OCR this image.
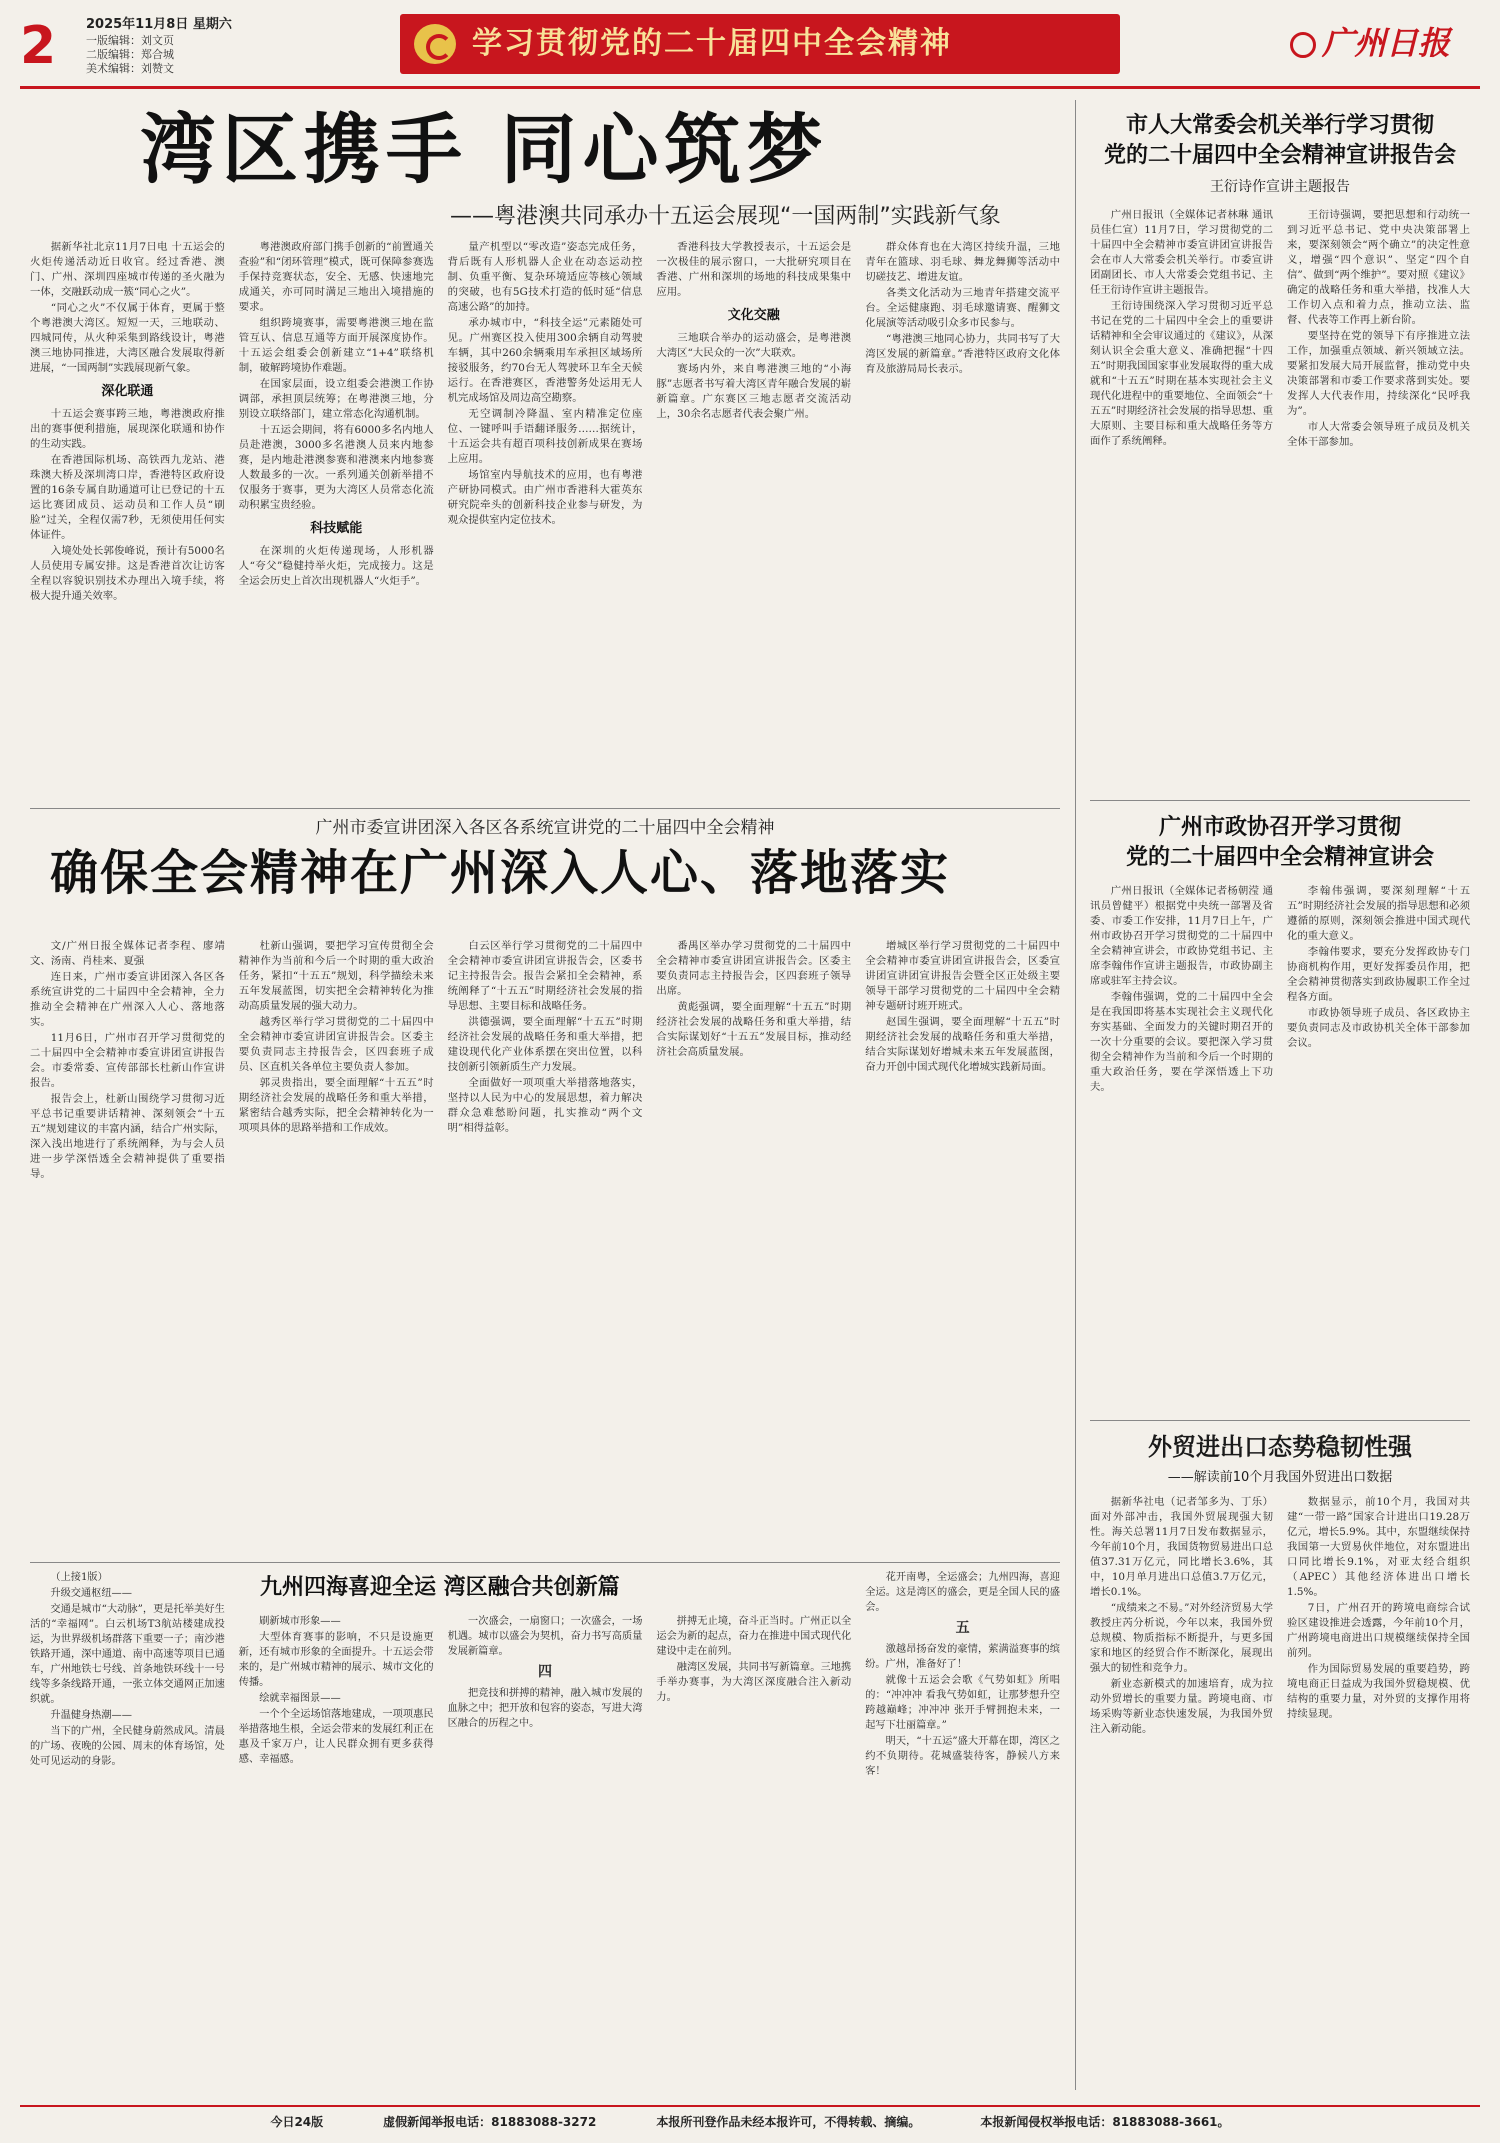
2 2025年11月8日 星期六
一版编辑：刘文页
二版编辑：郑合城
美术编辑：刘赞文
学习贯彻党的二十届四中全会精神	广州日报
湾区携手 同心筑梦
——粤港澳共同承办十五运会展现“一国两制”实践新气象

据新华社北京11月7日电 十五运会的火炬传递活动近日收官。经过香港、澳门、广州、深圳四座城市传递的圣火融为一体，交融跃动成一簇“同心之火”。

“同心之火”不仅属于体育，更属于整个粤港澳大湾区。短短一天，三地联动、四城同传，从火种采集到路线设计，粤港澳三地协同推进，大湾区融合发展取得新进展，“一国两制”实践展现新气象。

深化联通

十五运会赛事跨三地，粤港澳政府推出的赛事便利措施，展现深化联通和协作的生动实践。

在香港国际机场、高铁西九龙站、港珠澳大桥及深圳湾口岸，香港特区政府设置的16条专属自助通道可让已登记的十五运比赛团成员、运动员和工作人员“刷脸”过关，全程仅需7秒，无须使用任何实体证件。

入境处处长郭俊峰说，预计有5000名人员使用专属安排。这是香港首次让访客全程以容貌识别技术办理出入境手续，将极大提升通关效率。

粤港澳政府部门携手创新的“前置通关查验”和“闭环管理”模式，既可保障参赛选手保持竞赛状态，安全、无感、快速地完成通关，亦可同时满足三地出入境措施的要求。

组织跨境赛事，需要粤港澳三地在监管互认、信息互通等方面开展深度协作。十五运会组委会创新建立“1+4”联络机制，破解跨境协作难题。

在国家层面，设立组委会港澳工作协调部，承担顶层统筹；在粤港澳三地，分别设立联络部门，建立常态化沟通机制。

十五运会期间，将有6000多名内地人员赴港澳，3000多名港澳人员来内地参赛，是内地赴港澳参赛和港澳来内地参赛人数最多的一次。一系列通关创新举措不仅服务于赛事，更为大湾区人员常态化流动积累宝贵经验。

科技赋能

在深圳的火炬传递现场，人形机器人“夸父”稳健持举火炬，完成接力。这是全运会历史上首次出现机器人“火炬手”。

量产机型以“零改造”姿态完成任务，背后既有人形机器人企业在动态运动控制、负重平衡、复杂环境适应等核心领域的突破，也有5G技术打造的低时延“信息高速公路”的加持。

承办城市中，“科技全运”元素随处可见。广州赛区投入使用300余辆自动驾驶车辆，其中260余辆乘用车承担区域场所接驳服务，约70台无人驾驶环卫车全天候运行。在香港赛区，香港警务处运用无人机完成场馆及周边高空勘察。

无空调制冷降温、室内精准定位座位、一键呼叫手语翻译服务……据统计，十五运会共有超百项科技创新成果在赛场上应用。

场馆室内导航技术的应用，也有粤港产研协同模式。由广州市香港科大霍英东研究院牵头的创新科技企业参与研发，为观众提供室内定位技术。

香港科技大学教授表示，十五运会是一次极佳的展示窗口，一大批研究项目在香港、广州和深圳的场地的科技成果集中应用。

文化交融

三地联合举办的运动盛会，是粤港澳大湾区“大民众的一次”大联欢。

赛场内外，来自粤港澳三地的“小海豚”志愿者书写着大湾区青年融合发展的崭新篇章。广东赛区三地志愿者交流活动上，30余名志愿者代表会聚广州。

群众体育也在大湾区持续升温，三地青年在篮球、羽毛球、舞龙舞狮等活动中切磋技艺、增进友谊。

各类文化活动为三地青年搭建交流平台。全运健康跑、羽毛球邀请赛、醒狮文化展演等活动吸引众多市民参与。

“粤港澳三地同心协力，共同书写了大湾区发展的新篇章。”香港特区政府文化体育及旅游局局长表示。

市人大常委会机关举行学习贯彻
党的二十届四中全会精神宣讲报告会
王衍诗作宣讲主题报告

广州日报讯（全媒体记者林琳 通讯员佳仁宣）11月7日，学习贯彻党的二十届四中全会精神市委宣讲团宣讲报告会在市人大常委会机关举行。市委宣讲团副团长、市人大常委会党组书记、主任王衍诗作宣讲主题报告。

王衍诗围绕深入学习贯彻习近平总书记在党的二十届四中全会上的重要讲话精神和全会审议通过的《建议》，从深刻认识全会重大意义、准确把握“十四五”时期我国国家事业发展取得的重大成就和“十五五”时期在基本实现社会主义现代化进程中的重要地位、全面领会“十五五”时期经济社会发展的指导思想、重大原则、主要目标和重大战略任务等方面作了系统阐释。

王衍诗强调，要把思想和行动统一到习近平总书记、党中央决策部署上来，要深刻领会“两个确立”的决定性意义，增强“四个意识”、坚定“四个自信”、做到“两个维护”。要对照《建议》确定的战略任务和重大举措，找准人大工作切入点和着力点，推动立法、监督、代表等工作再上新台阶。

要坚持在党的领导下有序推进立法工作，加强重点领域、新兴领域立法。要紧扣发展大局开展监督，推动党中央决策部署和市委工作要求落到实处。要发挥人大代表作用，持续深化“民呼我为”。

市人大常委会领导班子成员及机关全体干部参加。

广州市委宣讲团深入各区各系统宣讲党的二十届四中全会精神
确保全会精神在广州深入人心、落地落实

文/广州日报全媒体记者李程、廖靖文、汤南、肖桂来、夏强

连日来，广州市委宣讲团深入各区各系统宣讲党的二十届四中全会精神，全力推动全会精神在广州深入人心、落地落实。

11月6日，广州市召开学习贯彻党的二十届四中全会精神市委宣讲团宣讲报告会。市委常委、宣传部部长杜新山作宣讲报告。

报告会上，杜新山围绕学习贯彻习近平总书记重要讲话精神、深刻领会“十五五”规划建议的丰富内涵，结合广州实际，深入浅出地进行了系统阐释，为与会人员进一步学深悟透全会精神提供了重要指导。

杜新山强调，要把学习宣传贯彻全会精神作为当前和今后一个时期的重大政治任务，紧扣“十五五”规划，科学描绘未来五年发展蓝图，切实把全会精神转化为推动高质量发展的强大动力。

越秀区举行学习贯彻党的二十届四中全会精神市委宣讲团宣讲报告会。区委主要负责同志主持报告会，区四套班子成员、区直机关各单位主要负责人参加。

郭灵贵指出，要全面理解“十五五”时期经济社会发展的战略任务和重大举措，紧密结合越秀实际，把全会精神转化为一项项具体的思路举措和工作成效。

白云区举行学习贯彻党的二十届四中全会精神市委宣讲团宣讲报告会，区委书记主持报告会。报告会紧扣全会精神，系统阐释了“十五五”时期经济社会发展的指导思想、主要目标和战略任务。

洪德强调，要全面理解“十五五”时期经济社会发展的战略任务和重大举措，把建设现代化产业体系摆在突出位置，以科技创新引领新质生产力发展。

全面做好一项项重大举措落地落实，坚持以人民为中心的发展思想，着力解决群众急难愁盼问题，扎实推动“两个文明”相得益彰。

番禺区举办学习贯彻党的二十届四中全会精神市委宣讲团宣讲报告会。区委主要负责同志主持报告会，区四套班子领导出席。

黄彪强调，要全面理解“十五五”时期经济社会发展的战略任务和重大举措，结合实际谋划好“十五五”发展目标，推动经济社会高质量发展。

增城区举行学习贯彻党的二十届四中全会精神市委宣讲团宣讲报告会，区委宣讲团宣讲团宣讲报告会暨全区正处级主要领导干部学习贯彻党的二十届四中全会精神专题研讨班开班式。

赵国生强调，要全面理解“十五五”时期经济社会发展的战略任务和重大举措，结合实际谋划好增城未来五年发展蓝图，奋力开创中国式现代化增城实践新局面。

广州市政协召开学习贯彻
党的二十届四中全会精神宣讲会

广州日报讯（全媒体记者杨朝滢 通讯员曾健平）根据党中央统一部署及省委、市委工作安排，11月7日上午，广州市政协召开学习贯彻党的二十届四中全会精神宣讲会，市政协党组书记、主席李翰伟作宣讲主题报告，市政协副主席或驻军主持会议。

李翰伟强调，党的二十届四中全会是在我国即将基本实现社会主义现代化夯实基础、全面发力的关键时期召开的一次十分重要的会议。要把深入学习贯彻全会精神作为当前和今后一个时期的重大政治任务，要在学深悟透上下功夫。

李翰伟强调，要深刻理解“十五五”时期经济社会发展的指导思想和必须遵循的原则，深刻领会推进中国式现代化的重大意义。

李翰伟要求，要充分发挥政协专门协商机构作用，更好发挥委员作用，把全会精神贯彻落实到政协履职工作全过程各方面。

市政协领导班子成员、各区政协主要负责同志及市政协机关全体干部参加会议。

外贸进出口态势稳韧性强
——解读前10个月我国外贸进出口数据

据新华社电（记者邹多为、丁乐）面对外部冲击，我国外贸展现强大韧性。海关总署11月7日发布数据显示，今年前10个月，我国货物贸易进出口总值37.31万亿元，同比增长3.6%，其中，10月单月进出口总值3.7万亿元，增长0.1%。

“成绩来之不易。”对外经济贸易大学教授庄芮分析说，今年以来，我国外贸总规模、物质指标不断提升，与更多国家和地区的经贸合作不断深化，展现出强大的韧性和竞争力。

新业态新模式的加速培育，成为拉动外贸增长的重要力量。跨境电商、市场采购等新业态快速发展，为我国外贸注入新动能。

数据显示，前10个月，我国对共建“一带一路”国家合计进出口19.28万亿元，增长5.9%。其中，东盟继续保持我国第一大贸易伙伴地位，对东盟进出口同比增长9.1%，对亚太经合组织（APEC）其他经济体进出口增长1.5%。

7日，广州召开的跨境电商综合试验区建设推进会透露，今年前10个月，广州跨境电商进出口规模继续保持全国前列。

作为国际贸易发展的重要趋势，跨境电商正日益成为我国外贸稳规模、优结构的重要力量，对外贸的支撑作用将持续显现。

（上接1版）

升级交通枢纽——

交通是城市“大动脉”，更是托举美好生活的“幸福网”。白云机场T3航站楼建成投运，为世界级机场群落下重要一子；南沙港铁路开通，深中通道、南中高速等项目已通车，广州地铁七号线、首条地铁环线十一号线等多条线路开通，一张立体交通网正加速织就。

升温健身热潮——

当下的广州，全民健身蔚然成风。清晨的广场、夜晚的公园、周末的体育场馆，处处可见运动的身影。

刷新城市形象——

大型体育赛事的影响，不只是设施更新，还有城市形象的全面提升。十五运会带来的，是广州城市精神的展示、城市文化的传播。

绘就幸福图景——

一个个全运场馆落地建成，一项项惠民举措落地生根，全运会带来的发展红利正在惠及千家万户，让人民群众拥有更多获得感、幸福感。

一次盛会，一扇窗口；一次盛会，一场机遇。城市以盛会为契机，奋力书写高质量发展新篇章。

四

把竞技和拼搏的精神，融入城市发展的血脉之中；把开放和包容的姿态，写进大湾区融合的历程之中。

拼搏无止境，奋斗正当时。广州正以全运会为新的起点，奋力在推进中国式现代化建设中走在前列。

融湾区发展，共同书写新篇章。三地携手举办赛事，为大湾区深度融合注入新动力。

花开南粤，全运盛会；九州四海，喜迎全运。这是湾区的盛会，更是全国人民的盛会。

五

激越昂扬奋发的豪情，萦满溢赛事的缤纷。广州，准备好了！

就像十五运会会歌《气势如虹》所唱的：“冲冲冲 看我气势如虹，让那梦想升空 跨越巅峰；冲冲冲 张开手臂拥抱未来，一起写下壮丽篇章。”

明天，“十五运”盛大开幕在即，湾区之约不负期待。花城盛装待客，静候八方来客！

九州四海喜迎全运 湾区融合共创新篇
今日24版	虚假新闻举报电话：81883088-3272	本报所刊登作品未经本报许可，不得转载、摘编。	本报新闻侵权举报电话：81883088-3661。
